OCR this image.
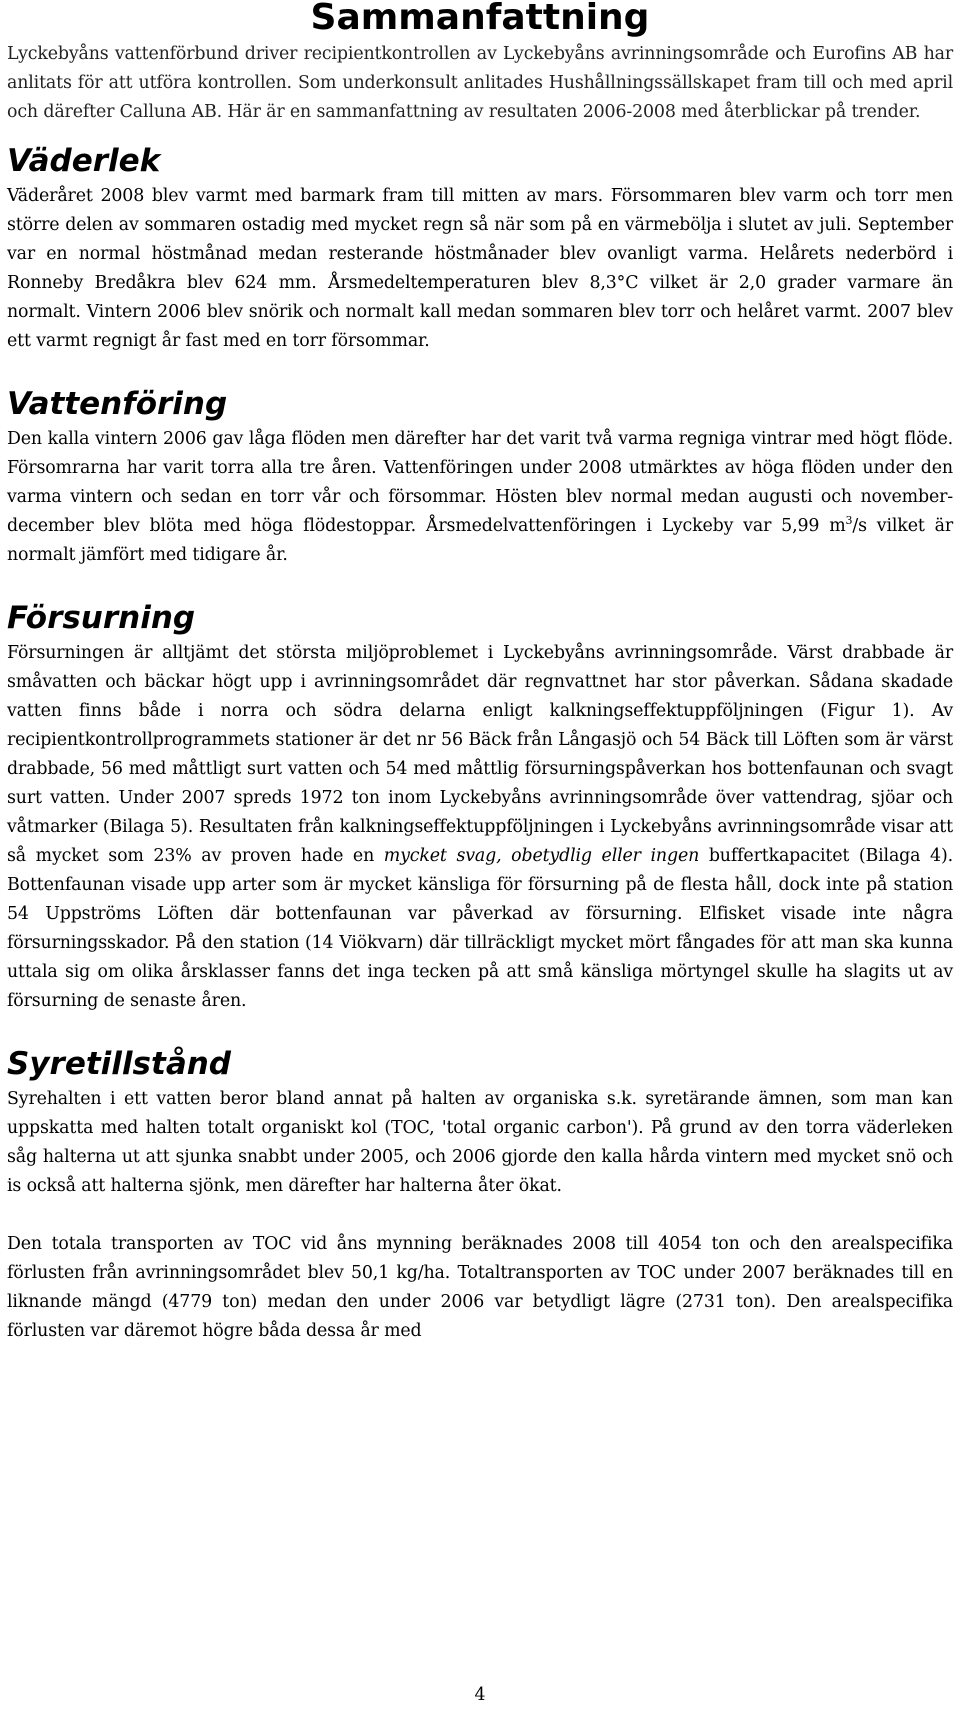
Sammanfattning

Lyckebyåns vattenförbund driver recipientkontrollen av Lyckebyåns avrinningsområde och Eurofins AB har anlitats för att utföra kontrollen. Som underkonsult anlitades Hushållningssällskapet fram till och med april och därefter Calluna AB. Här är en sammanfattning av resultaten 2006-2008 med återblickar på trender.

Väderlek

Väderåret 2008 blev varmt med barmark fram till mitten av mars. Försommaren blev varm och torr men större delen av sommaren ostadig med mycket regn så när som på en värmebölja i slutet av juli. September var en normal höstmånad medan resterande höstmånader blev ovanligt varma. Helårets nederbörd i Ronneby Bredåkra blev 624 mm. Årsmedeltemperaturen blev 8,3°C vilket är 2,0 grader varmare än normalt. Vintern 2006 blev snörik och normalt kall medan sommaren blev torr och helåret varmt. 2007 blev ett varmt regnigt år fast med en torr försommar.

Vattenföring

Den kalla vintern 2006 gav låga flöden men därefter har det varit två varma regniga vintrar med högt flöde. Försomrarna har varit torra alla tre åren. Vattenföringen under 2008 utmärktes av höga flöden under den varma vintern och sedan en torr vår och försommar. Hösten blev normal medan augusti och november-december blev blöta med höga flödestoppar. Årsmedelvattenföringen i Lyckeby var 5,99 $m^3/s$ vilket är normalt jämfört med tidigare år.

Försurning

Försurningen är alltjämt det största miljöproblemet i Lyckebyåns avrinningsområde. Värst drabbade är småvatten och bäckar högt upp i avrinningsområdet där regnvattnet har stor påverkan. Sådana skadade vatten finns både i norra och södra delarna enligt kalkningseffektuppföljningen (Figur 1). Av recipientkontrollprogrammets stationer är det nr 56 Bäck från Långasjö och 54 Bäck till Löften som är värst drabbade, 56 med måttligt surt vatten och 54 med måttlig försurningspåverkan hos bottenfaunan och svagt surt vatten. Under 2007 spreds 1972 ton inom Lyckebyåns avrinningsområde över vattendrag, sjöar och våtmarker (Bilaga 5). Resultaten från kalkningseffektuppföljningen i Lyckebyåns avrinningsområde visar att så mycket som 23% av proven hade en mycket svag, obetydlig eller ingen buffertkapacitet (Bilaga 4). Bottenfaunan visade upp arter som är mycket känsliga för försurning på de flesta håll, dock inte på station 54 Uppströms Löften där bottenfaunan var påverkad av försurning. Elfisket visade inte några försurningsskador. På den station (14 Viökvarn) där tillräckligt mycket mört fångades för att man ska kunna uttala sig om olika årsklasser fanns det inga tecken på att små känsliga mörtyngel skulle ha slagits ut av försurning de senaste åren.

Syretillstånd

Syrehalten i ett vatten beror bland annat på halten av organiska s.k. syretärande ämnen, som man kan uppskatta med halten totalt organiskt kol (TOC, 'total organic carbon'). På grund av den torra väderleken såg halterna ut att sjunka snabbt under 2005, och 2006 gjorde den kalla hårda vintern med mycket snö och is också att halterna sjönk, men därefter har halterna åter ökat.

Den totala transporten av TOC vid åns mynning beräknades 2008 till 4054 ton och den arealspecifika förlusten från avrinningsområdet blev 50,1 kg/ha. Totaltransporten av TOC under 2007 beräknades till en liknande mängd (4779 ton) medan den under 2006 var betydligt lägre (2731 ton). Den arealspecifika förlusten var däremot högre båda dessa år med

4
